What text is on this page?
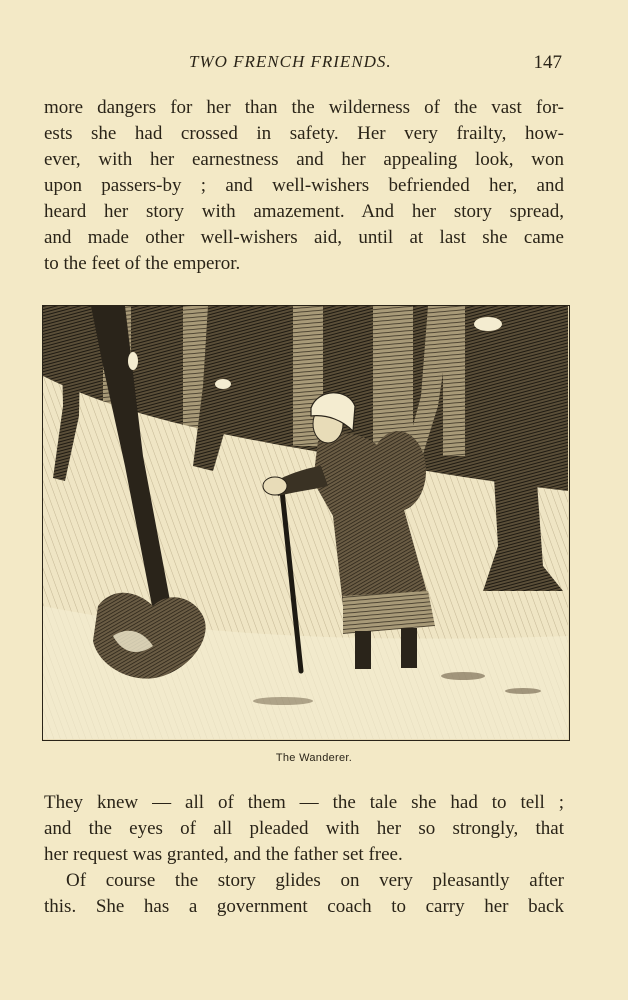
TWO FRENCH FRIENDS.	147
more dangers for her than the wilderness of the vast for-
ests she had crossed in safety. Her very frailty, how-
ever, with her earnestness and her appealing look, won
upon passers-by ; and well-wishers befriended her, and
heard her story with amazement. And her story spread,
and made other well-wishers aid, until at last she came
to the feet of the emperor.
The Wanderer.
They knew — all of them — the tale she had to tell ;
and the eyes of all pleaded with her so strongly, that
her request was granted, and the father set free.
Of course the story glides on very pleasantly after
this. She has a government coach to carry her back
